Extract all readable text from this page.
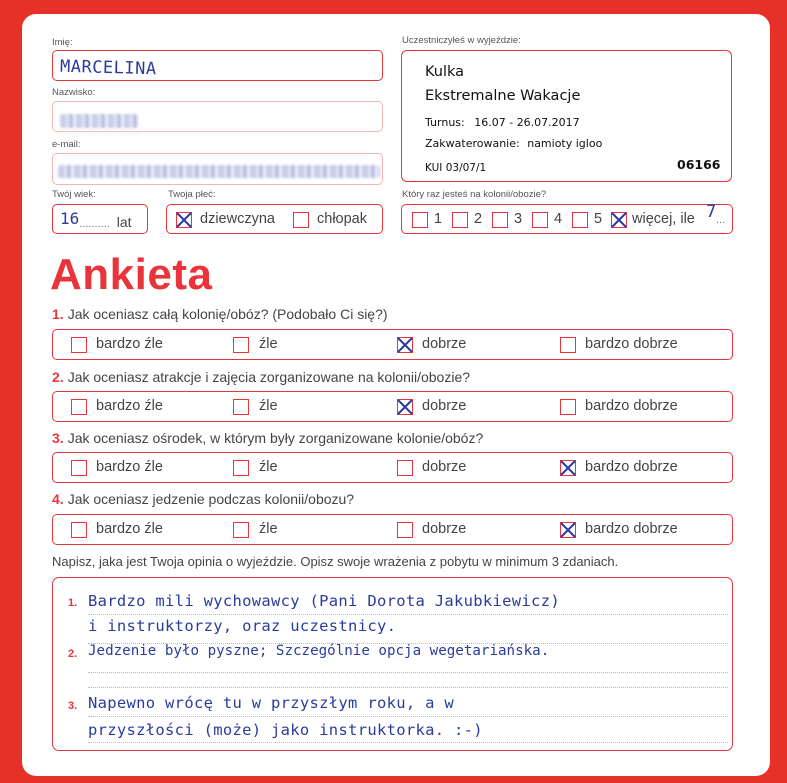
Imię:
MARCELINA
Nazwisko:
e-mail:
Twój wiek:
16.......... lat
Twoja płeć:
dziewczyna	chłopak
Który raz jesteś na kolonii/obozie?
1 2 3 4 5 więcej, ile 7 ...
Uczestniczyłeś w wyjeździe:
Kulka
Ekstremalne Wakacje
Turnus: 16.07 - 26.07.2017
Zakwaterowanie: namioty igloo
KUI 03/07/1	06166
Ankieta
1. Jak oceniasz całą kolonię/obóz? (Podobało Ci się?)
bardzo źle	źle	dobrze	bardzo dobrze
2. Jak oceniasz atrakcje i zajęcia zorganizowane na kolonii/obozie?
bardzo źle	źle	dobrze	bardzo dobrze
3. Jak oceniasz ośrodek, w którym były zorganizowane kolonie/obóz?
bardzo źle	źle	dobrze	bardzo dobrze
4. Jak oceniasz jedzenie podczas kolonii/obozu?
bardzo źle	źle	dobrze	bardzo dobrze
Napisz, jaka jest Twoja opinia o wyjeździe. Opisz swoje wrażenia z pobytu w minimum 3 zdaniach.
1.
2.
3.
Bardzo mili wychowawcy (Pani Dorota Jakubkiewicz)
i instruktorzy, oraz uczestnicy.
Jedzenie było pyszne; Szczególnie opcja wegetariańska.
Napewno wrócę tu w przyszłym roku, a w
przyszłości (może) jako instruktorka. :-)
